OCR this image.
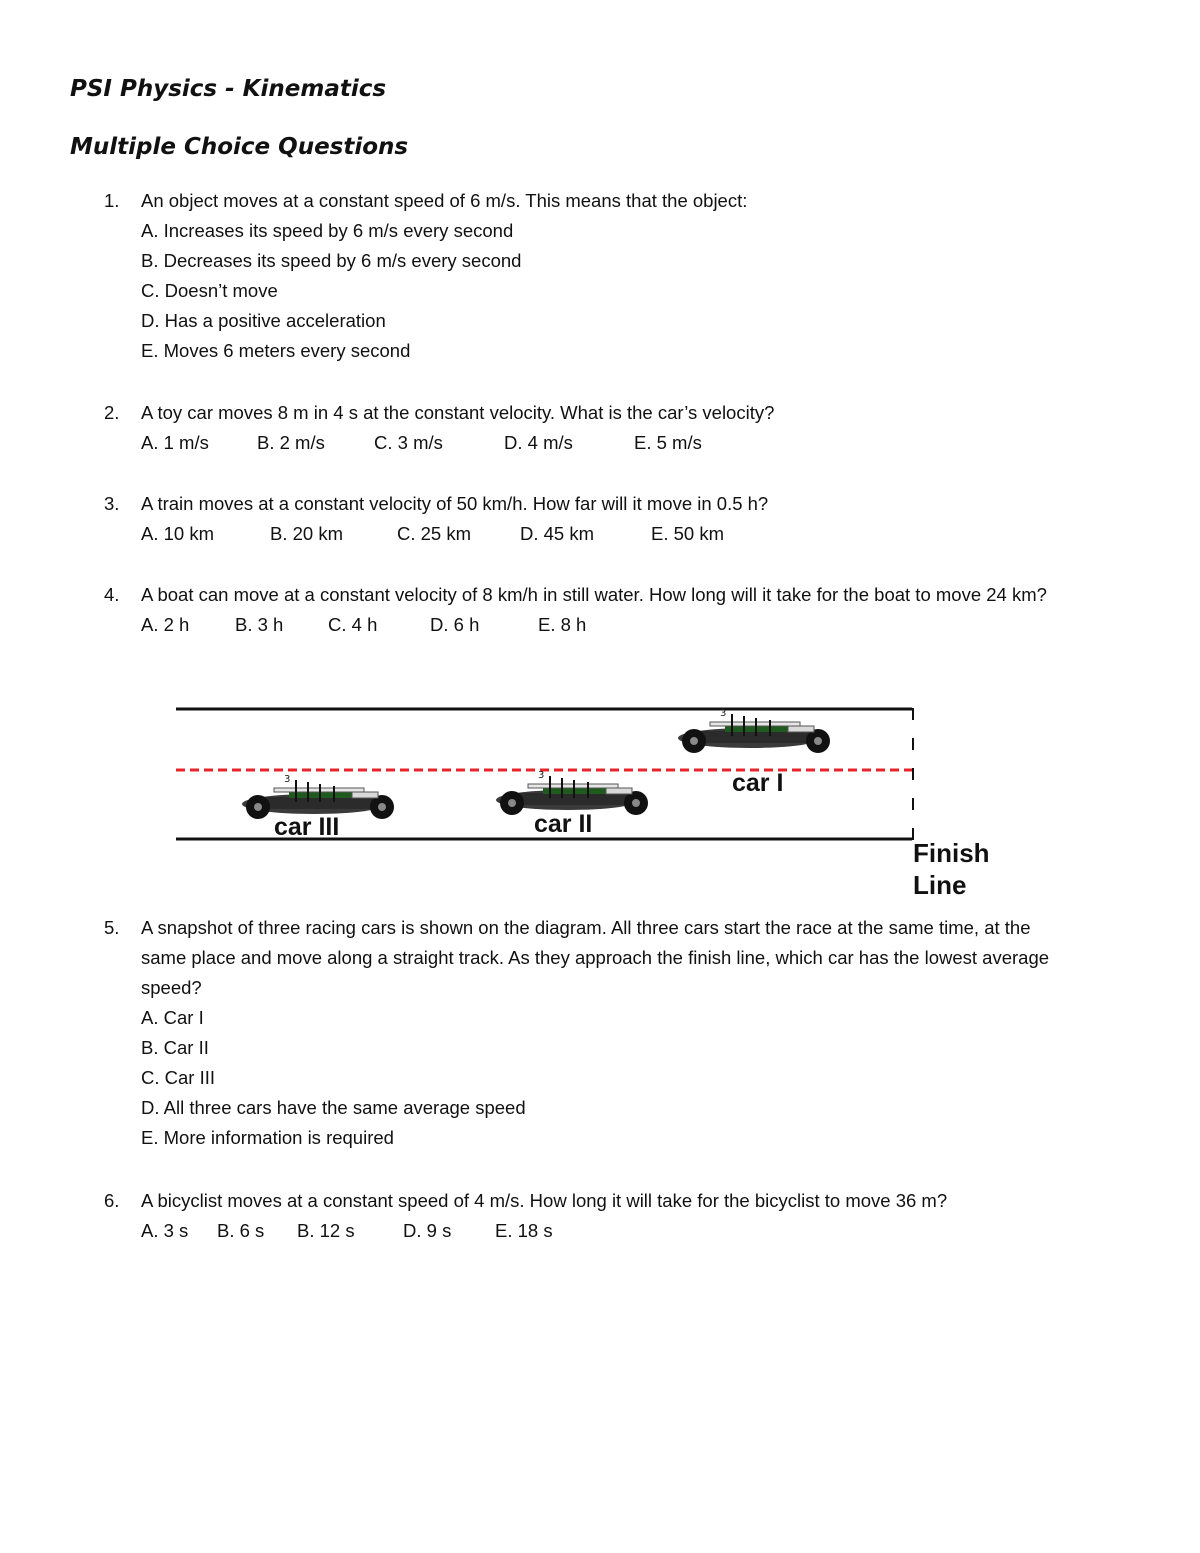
PSI Physics - Kinematics
Multiple Choice Questions
1.	An object moves at a constant speed of 6 m/s. This means that the object:
A. Increases its speed by 6 m/s every second
B. Decreases its speed by 6 m/s every second
C. Doesn’t move
D. Has a positive acceleration
E. Moves 6 meters every second
2.	A toy car moves 8 m in 4 s at the constant velocity. What is the car’s velocity?
A. 1 m/s	B. 2 m/s	C. 3 m/s	D. 4 m/s	E. 5 m/s
3.	A train moves at a constant velocity of 50 km/h. How far will it move in 0.5 h?
A. 10 km	B. 20 km	C. 25 km	D. 45 km	E. 50 km
4.	A boat can move at a constant velocity of 8 km/h in still water. How long will it take for the boat to move 24 km?
A. 2 h B. 3 h C. 4 h	D. 6 h	E. 8 h
3
car I
car II
car III
Finish
Line
5.	A snapshot of three racing cars is shown on the diagram. All three cars start the race at the same time, at the
same place and move along a straight track. As they approach the finish line, which car has the lowest average
speed?
A. Car I
B. Car II
C. Car III
D. All three cars have the same average speed
E. More information is required
6.	A bicyclist moves at a constant speed of 4 m/s. How long it will take for the bicyclist to move 36 m?
A. 3 s B. 6 s B. 12 s	D. 9 s E. 18 s
